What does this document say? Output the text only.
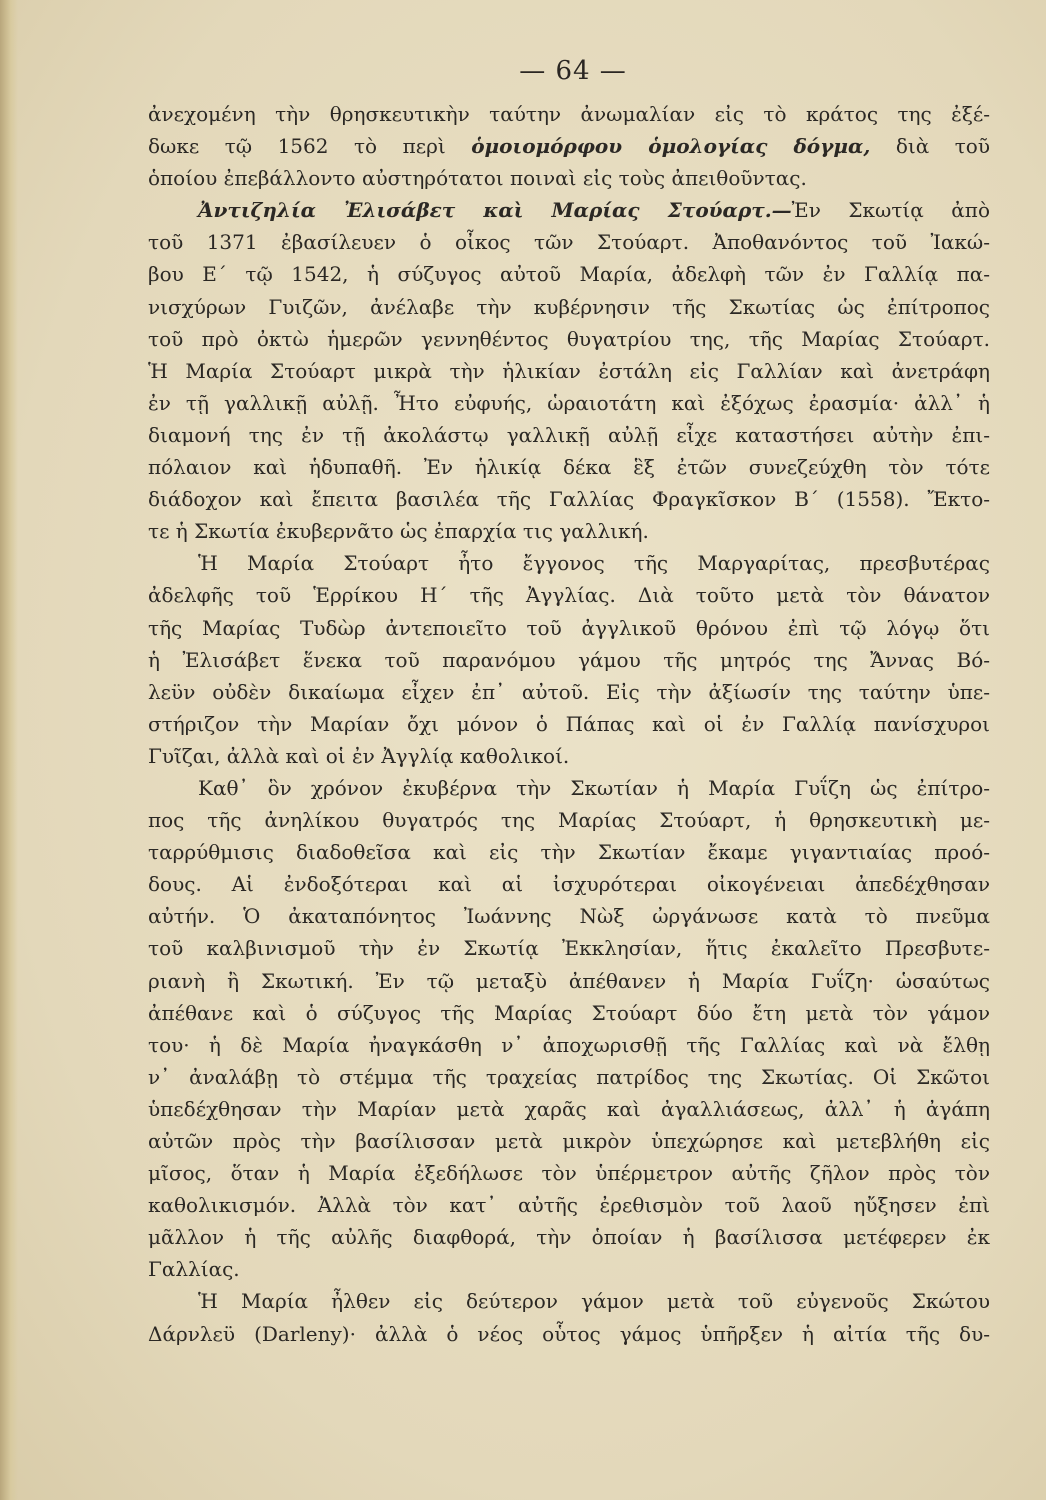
— 64 —
ἀνεχομένη τὴν θρησκευτικὴν ταύτην ἀνωμαλίαν εἰς τὸ κράτος της ἐξέ-
δωκε τῷ 1562 τὸ περὶ ὁμοιομόρφου ὁμολογίας δόγμα, διὰ τοῦ
ὁποίου ἐπεβάλλοντο αὐστηρότατοι ποιναὶ εἰς τοὺς ἀπειθοῦντας.
Ἀντιζηλία Ἐλισάβετ καὶ Μαρίας Στούαρτ.—Ἐν Σκωτίᾳ ἀπὸ
τοῦ 1371 ἐβασίλευεν ὁ οἶκος τῶν Στούαρτ. Ἀποθανόντος τοῦ Ἰακώ-
βου Ε΄ τῷ 1542, ἡ σύζυγος αὐτοῦ Μαρία, ἀδελφὴ τῶν ἐν Γαλλίᾳ πα-
νισχύρων Γυιζῶν, ἀνέλαβε τὴν κυβέρνησιν τῆς Σκωτίας ὡς ἐπίτροπος
τοῦ πρὸ ὀκτὼ ἡμερῶν γεννηθέντος θυγατρίου της, τῆς Μαρίας Στούαρτ.
Ἡ Μαρία Στούαρτ μικρὰ τὴν ἡλικίαν ἐστάλη εἰς Γαλλίαν καὶ ἀνετράφη
ἐν τῇ γαλλικῇ αὐλῇ. Ἦτο εὐφυής, ὡραιοτάτη καὶ ἐξόχως ἐρασμία· ἀλλ᾽ ἡ
διαμονή της ἐν τῇ ἀκολάστῳ γαλλικῇ αὐλῇ εἶχε καταστήσει αὐτὴν ἐπι-
πόλαιον καὶ ἡδυπαθῆ. Ἐν ἡλικίᾳ δέκα ἓξ ἐτῶν συνεζεύχθη τὸν τότε
διάδοχον καὶ ἔπειτα βασιλέα τῆς Γαλλίας Φραγκῖσκον Β΄ (1558). Ἔκτο-
τε ἡ Σκωτία ἐκυβερνᾶτο ὡς ἐπαρχία τις γαλλική.
Ἡ Μαρία Στούαρτ ἦτο ἔγγονος τῆς Μαργαρίτας, πρεσβυτέρας
ἀδελφῆς τοῦ Ἑρρίκου Η΄ τῆς Ἀγγλίας. Διὰ τοῦτο μετὰ τὸν θάνατον
τῆς Μαρίας Τυδὼρ ἀντεποιεῖτο τοῦ ἀγγλικοῦ θρόνου ἐπὶ τῷ λόγῳ ὅτι
ἡ Ἐλισάβετ ἕνεκα τοῦ παρανόμου γάμου τῆς μητρός της Ἄννας Βό-
λεϋν οὐδὲν δικαίωμα εἶχεν ἐπ᾽ αὐτοῦ. Εἰς τὴν ἀξίωσίν της ταύτην ὑπε-
στήριζον τὴν Μαρίαν ὄχι μόνον ὁ Πάπας καὶ οἱ ἐν Γαλλίᾳ πανίσχυροι
Γυῖζαι, ἀλλὰ καὶ οἱ ἐν Ἀγγλίᾳ καθολικοί.
Καθ᾽ ὃν χρόνον ἐκυβέρνα τὴν Σκωτίαν ἡ Μαρία Γυΐζη ὡς ἐπίτρο-
πος τῆς ἀνηλίκου θυγατρός της Μαρίας Στούαρτ, ἡ θρησκευτικὴ με-
ταρρύθμισις διαδοθεῖσα καὶ εἰς τὴν Σκωτίαν ἔκαμε γιγαντιαίας προό-
δους. Αἱ ἐνδοξότεραι καὶ αἱ ἰσχυρότεραι οἰκογένειαι ἀπεδέχθησαν
αὐτήν. Ὁ ἀκαταπόνητος Ἰωάννης Νὼξ ὠργάνωσε κατὰ τὸ πνεῦμα
τοῦ καλβινισμοῦ τὴν ἐν Σκωτίᾳ Ἐκκλησίαν, ἥτις ἐκαλεῖτο Πρεσβυτε-
ριανὴ ἢ Σκωτική. Ἐν τῷ μεταξὺ ἀπέθανεν ἡ Μαρία Γυΐζη· ὡσαύτως
ἀπέθανε καὶ ὁ σύζυγος τῆς Μαρίας Στούαρτ δύο ἔτη μετὰ τὸν γάμον
του· ἡ δὲ Μαρία ἠναγκάσθη ν᾽ ἀποχωρισθῇ τῆς Γαλλίας καὶ νὰ ἔλθῃ
ν᾽ ἀναλάβῃ τὸ στέμμα τῆς τραχείας πατρίδος της Σκωτίας. Οἱ Σκῶτοι
ὑπεδέχθησαν τὴν Μαρίαν μετὰ χαρᾶς καὶ ἀγαλλιάσεως, ἀλλ᾽ ἡ ἀγάπη
αὐτῶν πρὸς τὴν βασίλισσαν μετὰ μικρὸν ὑπεχώρησε καὶ μετεβλήθη εἰς
μῖσος, ὅταν ἡ Μαρία ἐξεδήλωσε τὸν ὑπέρμετρον αὐτῆς ζῆλον πρὸς τὸν
καθολικισμόν. Ἀλλὰ τὸν κατ᾽ αὐτῆς ἐρεθισμὸν τοῦ λαοῦ ηὔξησεν ἐπὶ
μᾶλλον ἡ τῆς αὐλῆς διαφθορά, τὴν ὁποίαν ἡ βασίλισσα μετέφερεν ἐκ
Γαλλίας.
Ἡ Μαρία ἦλθεν εἰς δεύτερον γάμον μετὰ τοῦ εὐγενοῦς Σκώτου
Δάρνλεϋ (Darleny)· ἀλλὰ ὁ νέος οὗτος γάμος ὑπῆρξεν ἡ αἰτία τῆς δυ-
